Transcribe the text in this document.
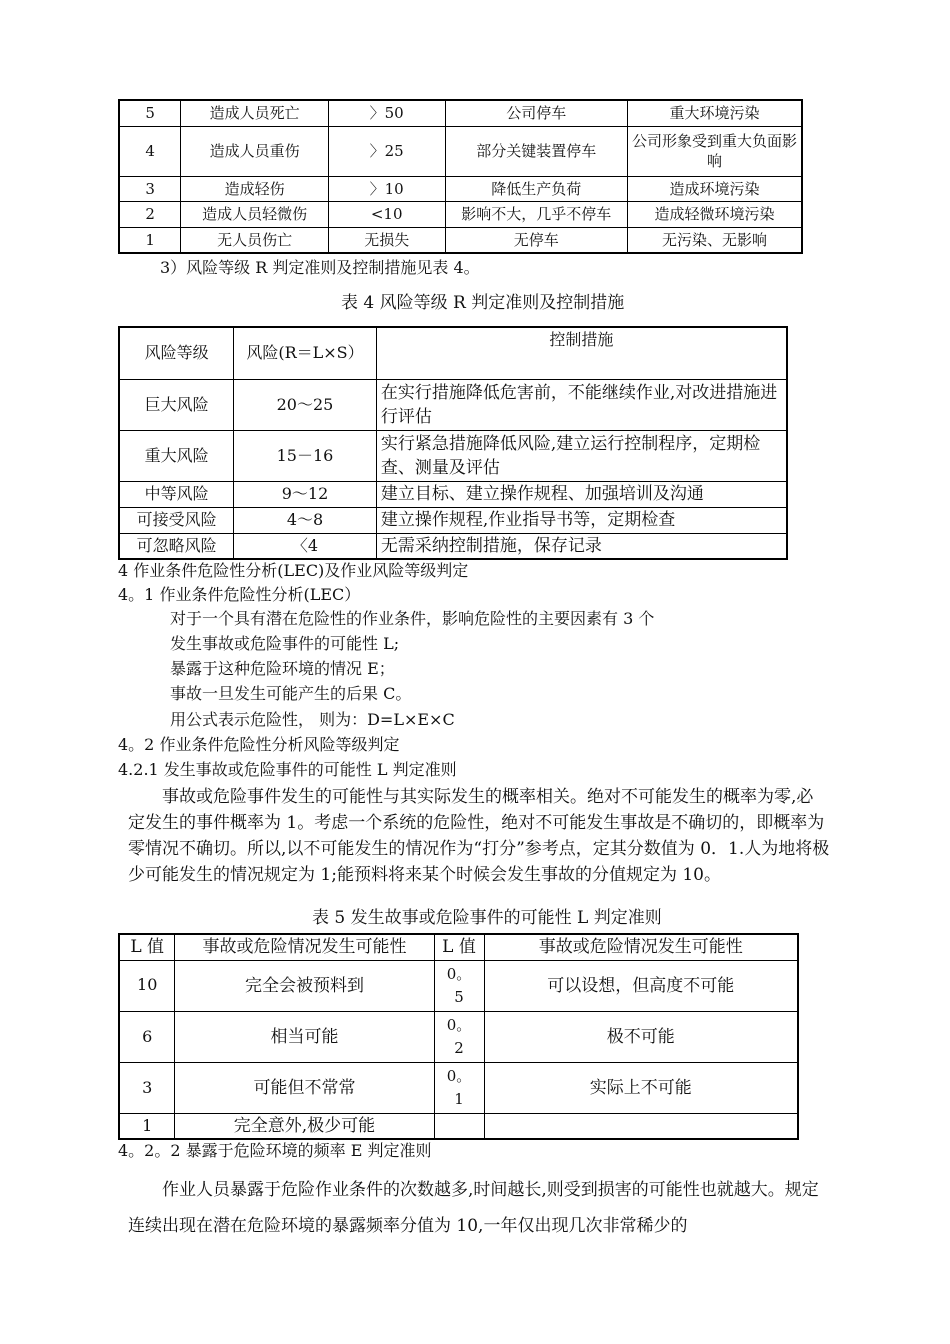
5	造成人员死亡	〉50	公司停车	重大环境污染
4	造成人员重伤	〉25	部分关键装置停车	公司形象受到重大负面影响
3	造成轻伤	〉10	降低生产负荷	造成环境污染
2	造成人员轻微伤	<10	影响不大，几乎不停车	造成轻微环境污染
1	无人员伤亡	无损失	无停车	无污染、无影响
3）风险等级 R 判定准则及控制措施见表 4。
表 4 风险等级 R 判定准则及控制措施
风险等级	风险(R＝L×S）	控制措施
巨大风险	20～25	在实行措施降低危害前，不能继续作业,对改进措施进行评估
重大风险	15－16	实行紧急措施降低风险,建立运行控制程序，定期检查、测量及评估
中等风险	9～12	建立目标、建立操作规程、加强培训及沟通
可接受风险	4～8	建立操作规程,作业指导书等，定期检查
可忽略风险	〈4	无需采纳控制措施，保存记录
4 作业条件危险性分析(LEC)及作业风险等级判定
4。1 作业条件危险性分析(LEC）
对于一个具有潜在危险性的作业条件，影响危险性的主要因素有 3 个
发生事故或危险事件的可能性 L;
暴露于这种危险环境的情况 E；
事故一旦发生可能产生的后果 C。
用公式表示危险性， 则为：D=L×E×C
4。2 作业条件危险性分析风险等级判定
4.2.1 发生事故或危险事件的可能性 L 判定准则
事故或危险事件发生的可能性与其实际发生的概率相关。绝对不可能发生的概率为零,必定发生的事件概率为 1。考虑一个系统的危险性，绝对不可能发生事故是不确切的，即概率为零情况不确切。所以,以不可能发生的情况作为“打分”参考点，定其分数值为 0．1.人为地将极少可能发生的情况规定为 1;能预料将来某个时候会发生事故的分值规定为 10。
表 5 发生故事或危险事件的可能性 L 判定准则
L 值	事故或危险情况发生可能性	L 值	事故或危险情况发生可能性
10	完全会被预料到	0。5	可以设想，但高度不可能
6	相当可能	0。2	极不可能
3	可能但不常常	0。1	实际上不可能
1	完全意外,极少可能		
4。2。2 暴露于危险环境的频率 E 判定准则
作业人员暴露于危险作业条件的次数越多,时间越长,则受到损害的可能性也就越大。规定连续出现在潜在危险环境的暴露频率分值为 10,一年仅出现几次非常稀少的
